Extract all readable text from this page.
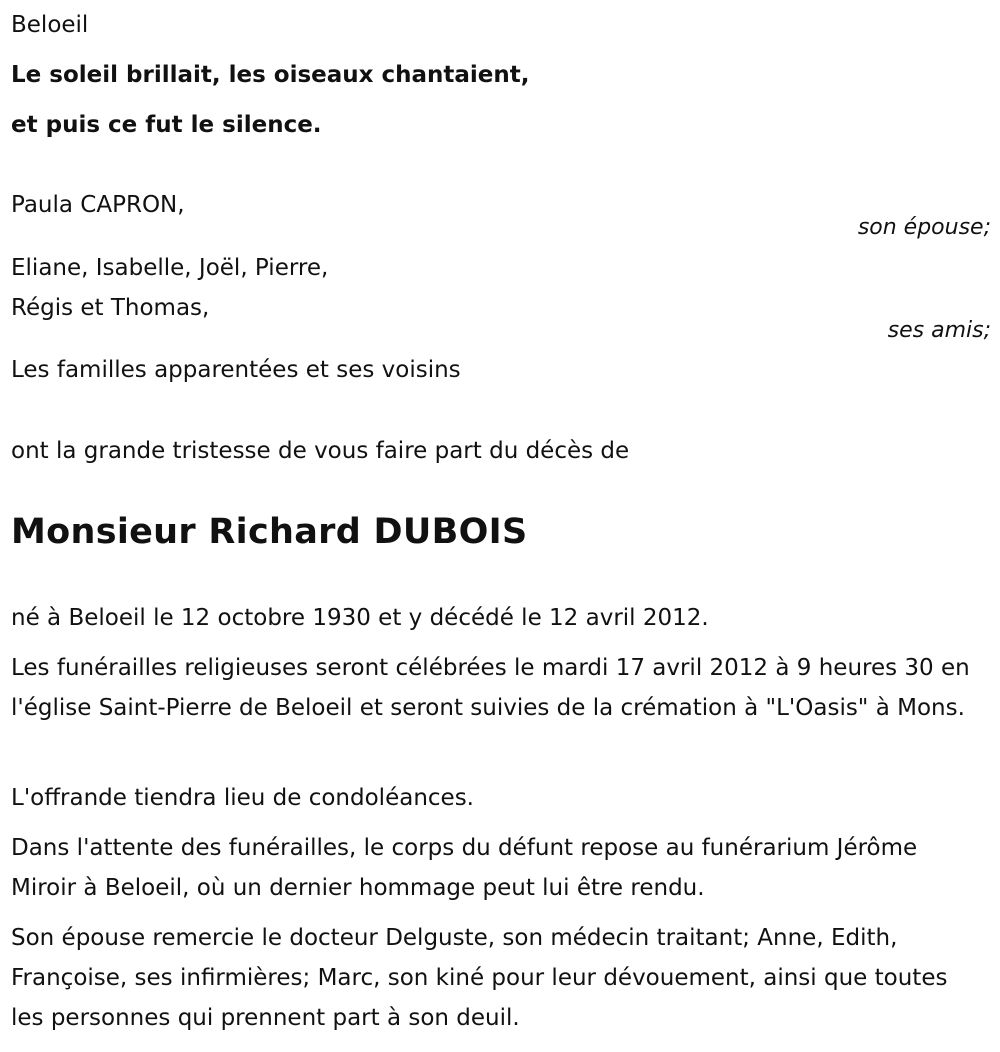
Beloeil
Le soleil brillait, les oiseaux chantaient,
et puis ce fut le silence.
Paula CAPRON,
son épouse;
Eliane, Isabelle, Joël, Pierre,
Régis et Thomas,
ses amis;
Les familles apparentées et ses voisins
ont la grande tristesse de vous faire part du décès de
Monsieur Richard DUBOIS
né à Beloeil le 12 octobre 1930 et y décédé le 12 avril 2012.
Les funérailles religieuses seront célébrées le mardi 17 avril 2012 à 9 heures 30 en l'église Saint-Pierre de Beloeil et seront suivies de la crémation à "L'Oasis" à Mons.
L'offrande tiendra lieu de condoléances.
Dans l'attente des funérailles, le corps du défunt repose au funérarium Jérôme Miroir à Beloeil, où un dernier hommage peut lui être rendu.
Son épouse remercie le docteur Delguste, son médecin traitant; Anne, Edith, Françoise, ses infirmières; Marc, son kiné pour leur dévouement, ainsi que toutes les personnes qui prennent part à son deuil.
